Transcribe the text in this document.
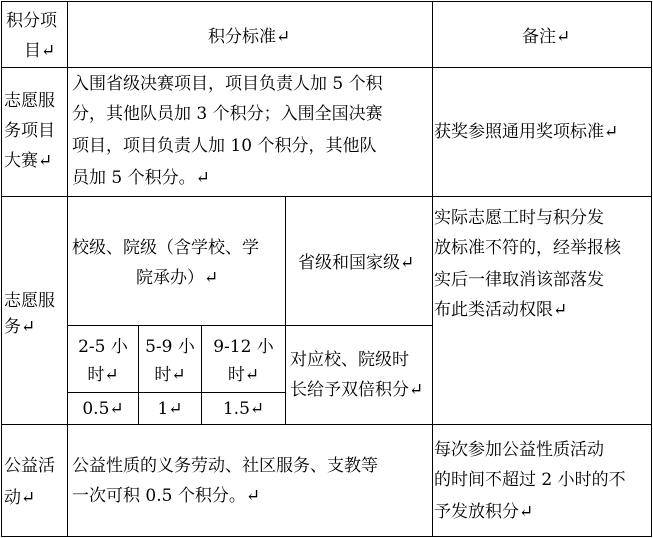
积分项
目↵
积分标准↵	备注↵
志愿服
务项目
大赛↵
入围省级决赛项目，项目负责人加 5 个积
分，其他队员加 3 个积分；入围全国决赛
项目，项目负责人加 10 个积分，其他队
员加 5 个积分。↵
获奖参照通用奖项标准↵
志愿服
务↵
校级、院级（含学校、学
院承办）↵
省级和国家级↵
实际志愿工时与积分发
放标准不符的，经举报核
实后一律取消该部落发
布此类活动权限↵
2-5 小
时↵
0.5↵
5-9 小
时↵
1↵
9-12 小
时↵
1.5↵
对应校、院级时
长给予双倍积分↵
公益活
动↵
公益性质的义务劳动、社区服务、支教等
一次可积 0.5 个积分。↵
每次参加公益性质活动
的时间不超过 2 小时的不
予发放积分↵
